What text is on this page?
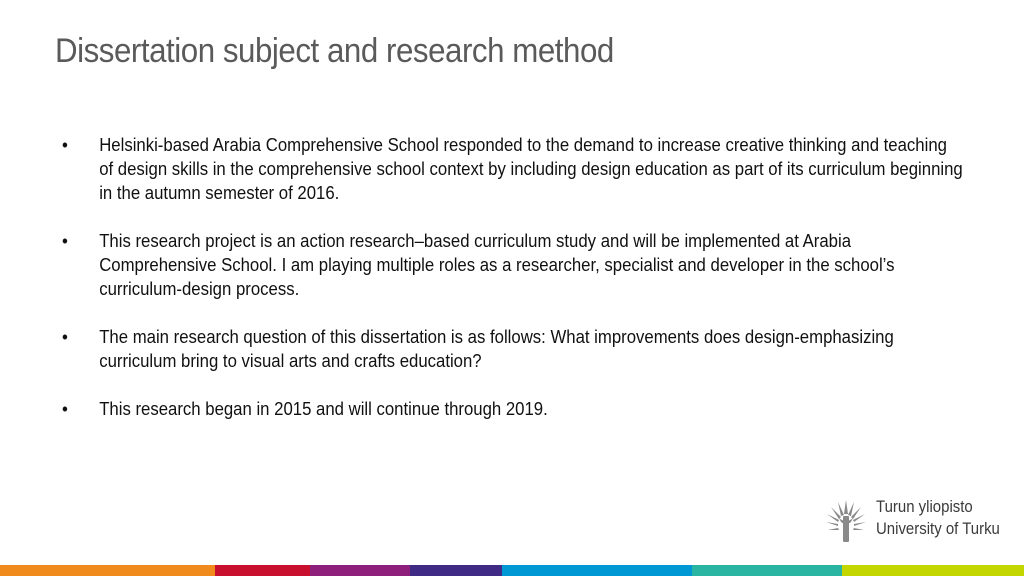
Dissertation subject and research method
• Helsinki-based Arabia Comprehensive School responded to the demand to increase creative thinking and teaching of design skills in the comprehensive school context by including design education as part of its curriculum beginning in the autumn semester of 2016.
• This research project is an action research–based curriculum study and will be implemented at Arabia Comprehensive School. I am playing multiple roles as a researcher, specialist and developer in the school’s curriculum-design process.
• The main research question of this dissertation is as follows: What improvements does design-emphasizing curriculum bring to visual arts and crafts education?
• This research began in 2015 and will continue through 2019.
Turun yliopisto
University of Turku
